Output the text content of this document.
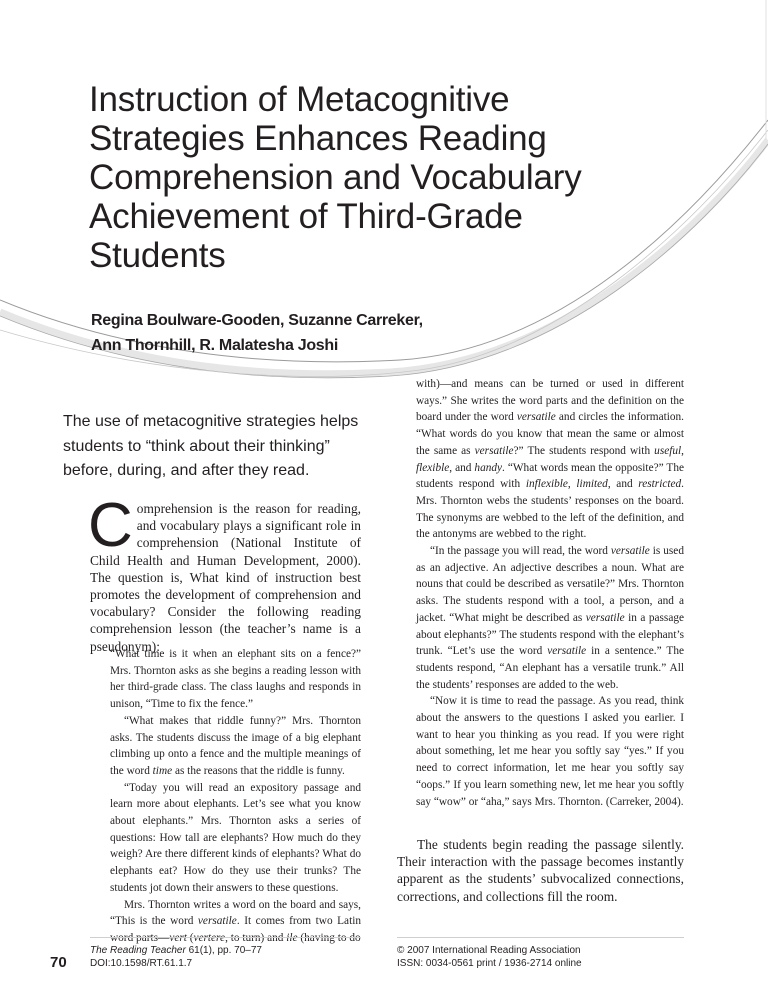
Instruction of Metacognitive
Strategies Enhances Reading
Comprehension and Vocabulary
Achievement of Third-Grade
Students
Regina Boulware-Gooden, Suzanne Carreker,
Ann Thornhill, R. Malatesha Joshi
The use of metacognitive strategies helps students to “think about their thinking” before, during, and after they read.
Comprehension is the reason for reading, and vocabulary plays a significant role in comprehension (National Institute of Child Health and Human Development, 2000). The question is, What kind of instruction best promotes the development of comprehension and vocabulary? Consider the following reading comprehension lesson (the teacher’s name is a pseudonym):

“What time is it when an elephant sits on a fence?” Mrs. Thornton asks as she begins a reading lesson with her third-grade class. The class laughs and responds in unison, “Time to fix the fence.”

“What makes that riddle funny?” Mrs. Thornton asks. The students discuss the image of a big elephant climbing up onto a fence and the multiple meanings of the word time as the reasons that the riddle is funny.

“Today you will read an expository passage and learn more about elephants. Let’s see what you know about elephants.” Mrs. Thornton asks a series of questions: How tall are elephants? How much do they weigh? Are there different kinds of elephants? What do elephants eat? How do they use their trunks? The students jot down their answers to these questions.

Mrs. Thornton writes a word on the board and says, “This is the word versatile. It comes from two Latin

with)—and means can be turned or used in different ways.” She writes the word parts and the definition on the board under the word versatile and circles the information. “What words do you know that mean the same or almost the same as versatile?” The students respond with useful, flexible, and handy. “What words mean the opposite?” The students respond with inflexible, limited, and restricted. Mrs. Thornton webs the students’ responses on the board. The synonyms are webbed to the left of the definition, and the antonyms are webbed to the right.

“In the passage you will read, the word versatile is used as an adjective. An adjective describes a noun. What are nouns that could be described as versatile?” Mrs. Thornton asks. The students respond with a tool, a person, and a jacket. “What might be described as versatile in a passage about elephants?” The students respond with the elephant’s trunk. “Let’s use the word versatile in a sentence.” The students respond, “An elephant has a versatile trunk.” All the students’ responses are added to the web.

“Now it is time to read the passage. As you read, think about the answers to the questions I asked you earlier. I want to hear you thinking as you read. If you were right about something, let me hear you softly say “yes.” If you need to correct information, let me hear you softly say “oops.” If you learn something new, let me hear you softly say “wow” or “aha,” says Mrs. Thornton. (Carreker, 2004).

The students begin reading the passage silently. Their interaction with the passage becomes instantly apparent as the students’ subvocalized connections, corrections, and collections fill the room.

70
The Reading Teacher 61(1), pp. 70–77
DOI:10.1598/RT.61.1.7
© 2007 International Reading Association
ISSN: 0034-0561 print / 1936-2714 online
